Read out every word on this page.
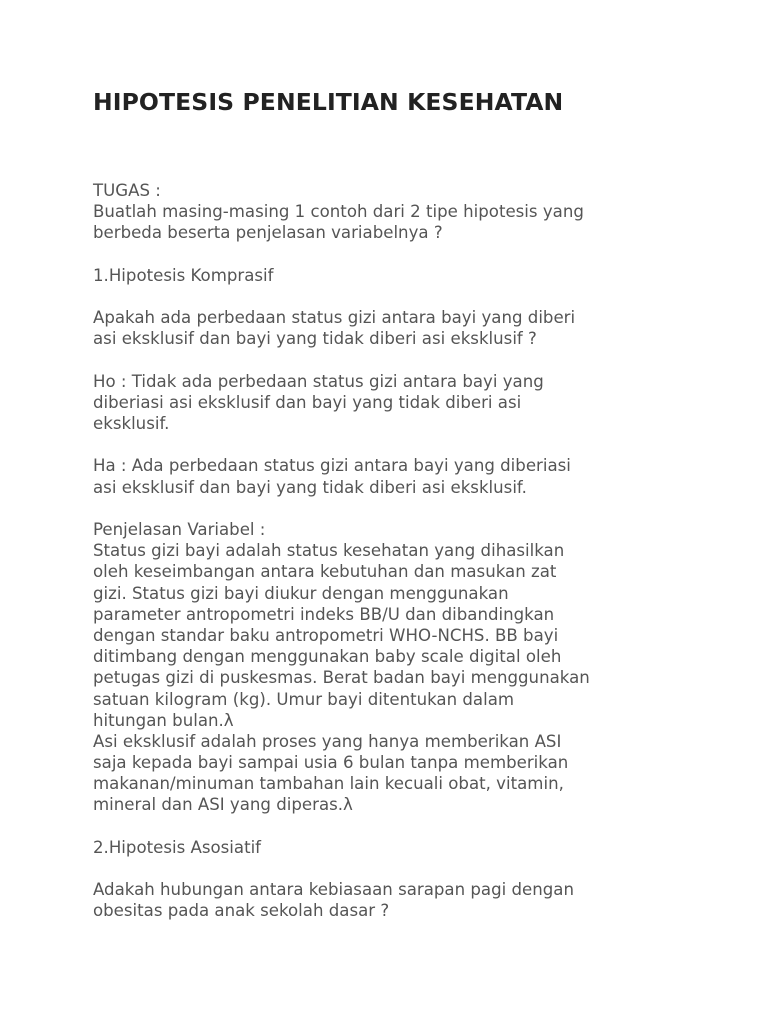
HIPOTESIS PENELITIAN KESEHATAN
TUGAS :
Buatlah masing-masing 1 contoh dari 2 tipe hipotesis yang
berbeda beserta penjelasan variabelnya ?
1.Hipotesis Komprasif
Apakah ada perbedaan status gizi antara bayi yang diberi
asi eksklusif dan bayi yang tidak diberi asi eksklusif ?
Ho : Tidak ada perbedaan status gizi antara bayi yang
diberiasi asi eksklusif dan bayi yang tidak diberi asi
eksklusif.
Ha : Ada perbedaan status gizi antara bayi yang diberiasi
asi eksklusif dan bayi yang tidak diberi asi eksklusif.
Penjelasan Variabel :
Status gizi bayi adalah status kesehatan yang dihasilkan
oleh keseimbangan antara kebutuhan dan masukan zat
gizi. Status gizi bayi diukur dengan menggunakan
parameter antropometri indeks BB/U dan dibandingkan
dengan standar baku antropometri WHO-NCHS. BB bayi
ditimbang dengan menggunakan baby scale digital oleh
petugas gizi di puskesmas. Berat badan bayi menggunakan
satuan kilogram (kg). Umur bayi ditentukan dalam
hitungan bulan.λ
Asi eksklusif adalah proses yang hanya memberikan ASI
saja kepada bayi sampai usia 6 bulan tanpa memberikan
makanan/minuman tambahan lain kecuali obat, vitamin,
mineral dan ASI yang diperas.λ
2.Hipotesis Asosiatif
Adakah hubungan antara kebiasaan sarapan pagi dengan
obesitas pada anak sekolah dasar ?
